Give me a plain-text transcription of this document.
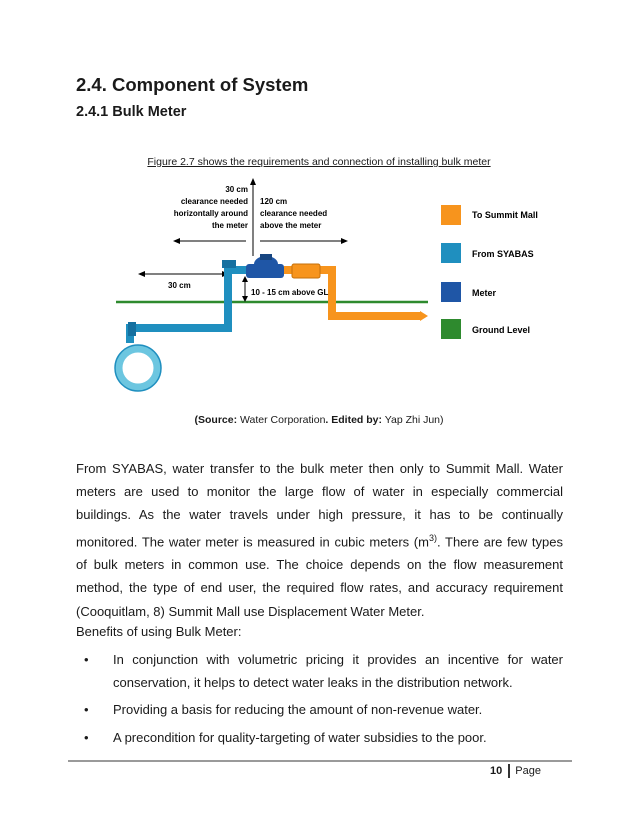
2.4. Component of System
2.4.1 Bulk Meter
Figure 2.7 shows the requirements and connection of installing bulk meter
30 cm
clearance needed
horizontally around
the meter
120 cm
clearance needed
above the meter
30 cm
10 - 15 cm above GL
To Summit Mall
From SYABAS
Meter
Ground Level
(Source: Water Corporation. Edited by: Yap Zhi Jun)

From SYABAS, water transfer to the bulk meter then only to Summit Mall. Water meters are used to monitor the large flow of water in especially commercial buildings. As the water travels under high pressure, it has to be continually monitored. The water meter is measured in cubic meters ($m^{3)}$. There are few types of bulk meters in common use. The choice depends on the flow measurement method, the type of end user, the required flow rates, and accuracy requirement (Cooquitlam, 8) Summit Mall use Displacement Water Meter.

Benefits of using Bulk Meter:

• In conjunction with volumetric pricing it provides an incentive for water conservation, it helps to detect water leaks in the distribution network.
• Providing a basis for reducing the amount of non-revenue water.
• A precondition for quality-targeting of water subsidies to the poor.
10 Page
